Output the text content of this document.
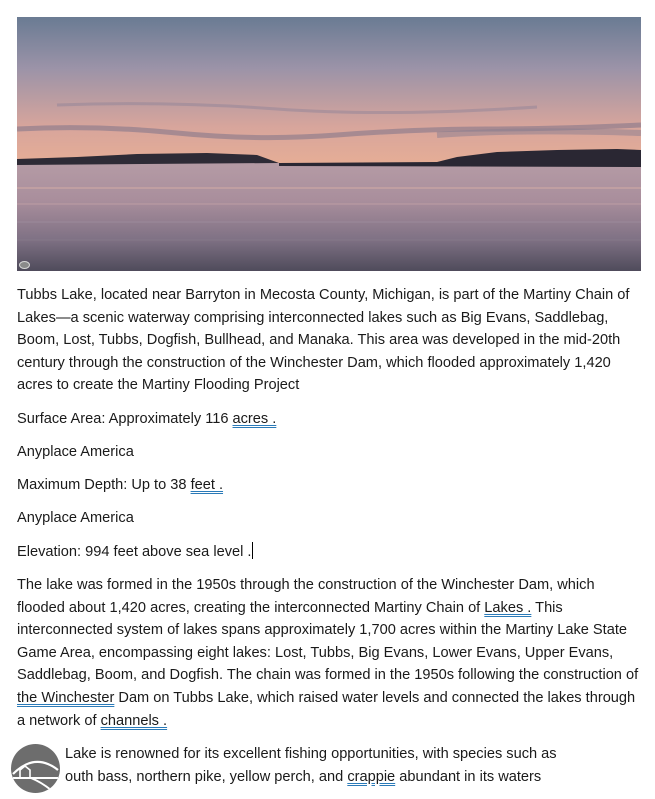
Tubbs Lake, located near Barryton in Mecosta County, Michigan, is part of the Martiny Chain of Lakes—a scenic waterway comprising interconnected lakes such as Big Evans, Saddlebag, Boom, Lost, Tubbs, Dogfish, Bullhead, and Manaka. This area was developed in the mid-20th century through the construction of the Winchester Dam, which flooded approximately 1,420 acres to create the Martiny Flooding Project

Surface Area: Approximately 116 acres .

Anyplace America

Maximum Depth: Up to 38 feet .

Anyplace America

Elevation: 994 feet above sea level .

The lake was formed in the 1950s through the construction of the Winchester Dam, which flooded about 1,420 acres, creating the interconnected Martiny Chain of Lakes . This interconnected system of lakes spans approximately 1,700 acres within the Martiny Lake State Game Area, encompassing eight lakes: Lost, Tubbs, Big Evans, Lower Evans, Upper Evans, Saddlebag, Boom, and Dogfish. The chain was formed in the 1950s following the construction of the Winchester Dam on Tubbs Lake, which raised water levels and connected the lakes through a network of channels .

Lake is renowned for its excellent fishing opportunities, with species such as
outh bass, northern pike, yellow perch, and crappie abundant in its waters
